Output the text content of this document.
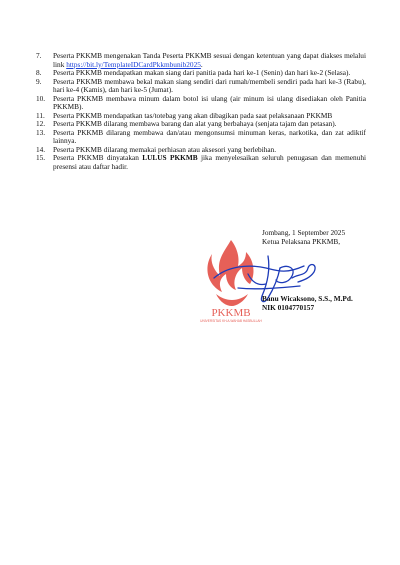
7. Peserta PKKMB mengenakan Tanda Peserta PKKMB sesuai dengan ketentuan yang dapat diakses melalui link https://bit.ly/TemplateIDCardPkkmbunib2025.
8. Peserta PKKMB mendapatkan makan siang dari panitia pada hari ke-1 (Senin) dan hari ke-2 (Selasa).
9. Peserta PKKMB membawa bekal makan siang sendiri dari rumah/membeli sendiri pada hari ke-3 (Rabu), hari ke-4 (Kamis), dan hari ke-5 (Jumat).
10. Peserta PKKMB membawa minum dalam botol isi ulang (air minum isi ulang disediakan oleh Panitia PKKMB).
11. Peserta PKKMB mendapatkan tas/totebag yang akan dibagikan pada saat pelaksanaan PKKMB
12. Peserta PKKMB dilarang membawa barang dan alat yang berbahaya (senjata tajam dan petasan).
13. Peserta PKKMB dilarang membawa dan/atau mengonsumsi minuman keras, narkotika, dan zat adiktif lainnya.
14. Peserta PKKMB dilarang memakai perhiasan atau aksesori yang berlebihan.
15. Peserta PKKMB dinyatakan LULUS PKKMB jika menyelesaikan seluruh penugasan dan memenuhi presensi atau daftar hadir.
PKKMB
UNIVERSITAS KH.A.WAHAB HASBULLAH
Jombang, 1 September 2025
Ketua Pelaksana PKKMB,
Banu Wicaksono, S.S., M.Pd.
NIK 0104770157
